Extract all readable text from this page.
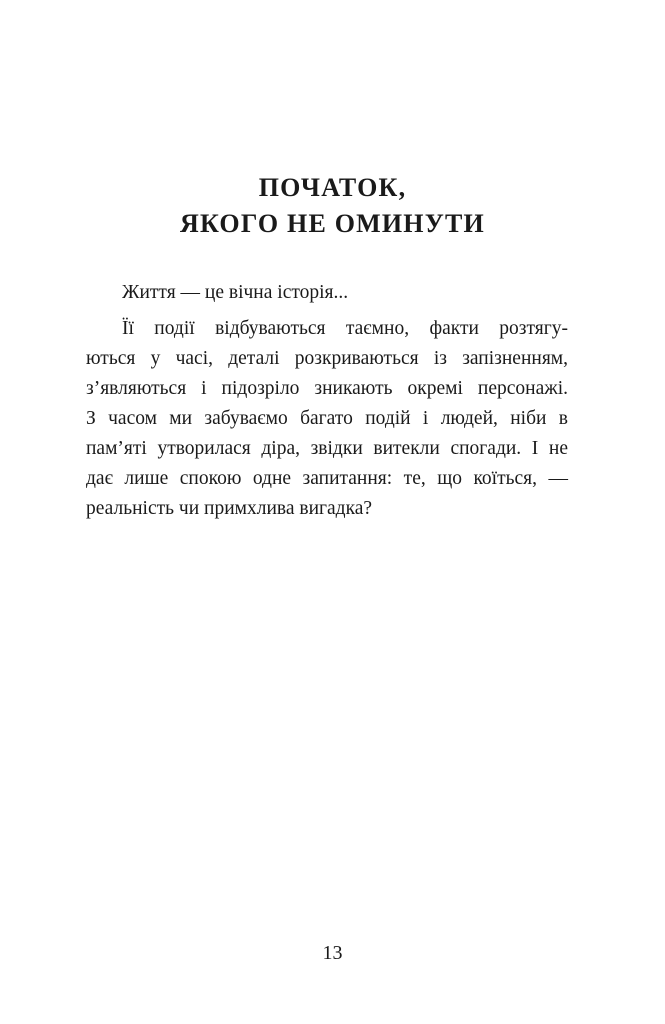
ПОЧАТОК,
ЯКОГО НЕ ОМИНУТИ

Життя — це вічна історія...

Її події відбуваються таємно, факти розтягу-
ються у часі, деталі розкриваються із запізненням,
з’являються і підозріло зникають окремі персонажі.
З часом ми забуваємо багато подій і людей, ніби в
пам’яті утворилася діра, звідки витекли спогади. І не
дає лише спокою одне запитання: те, що коїться, —
реальність чи примхлива вигадка?
13
